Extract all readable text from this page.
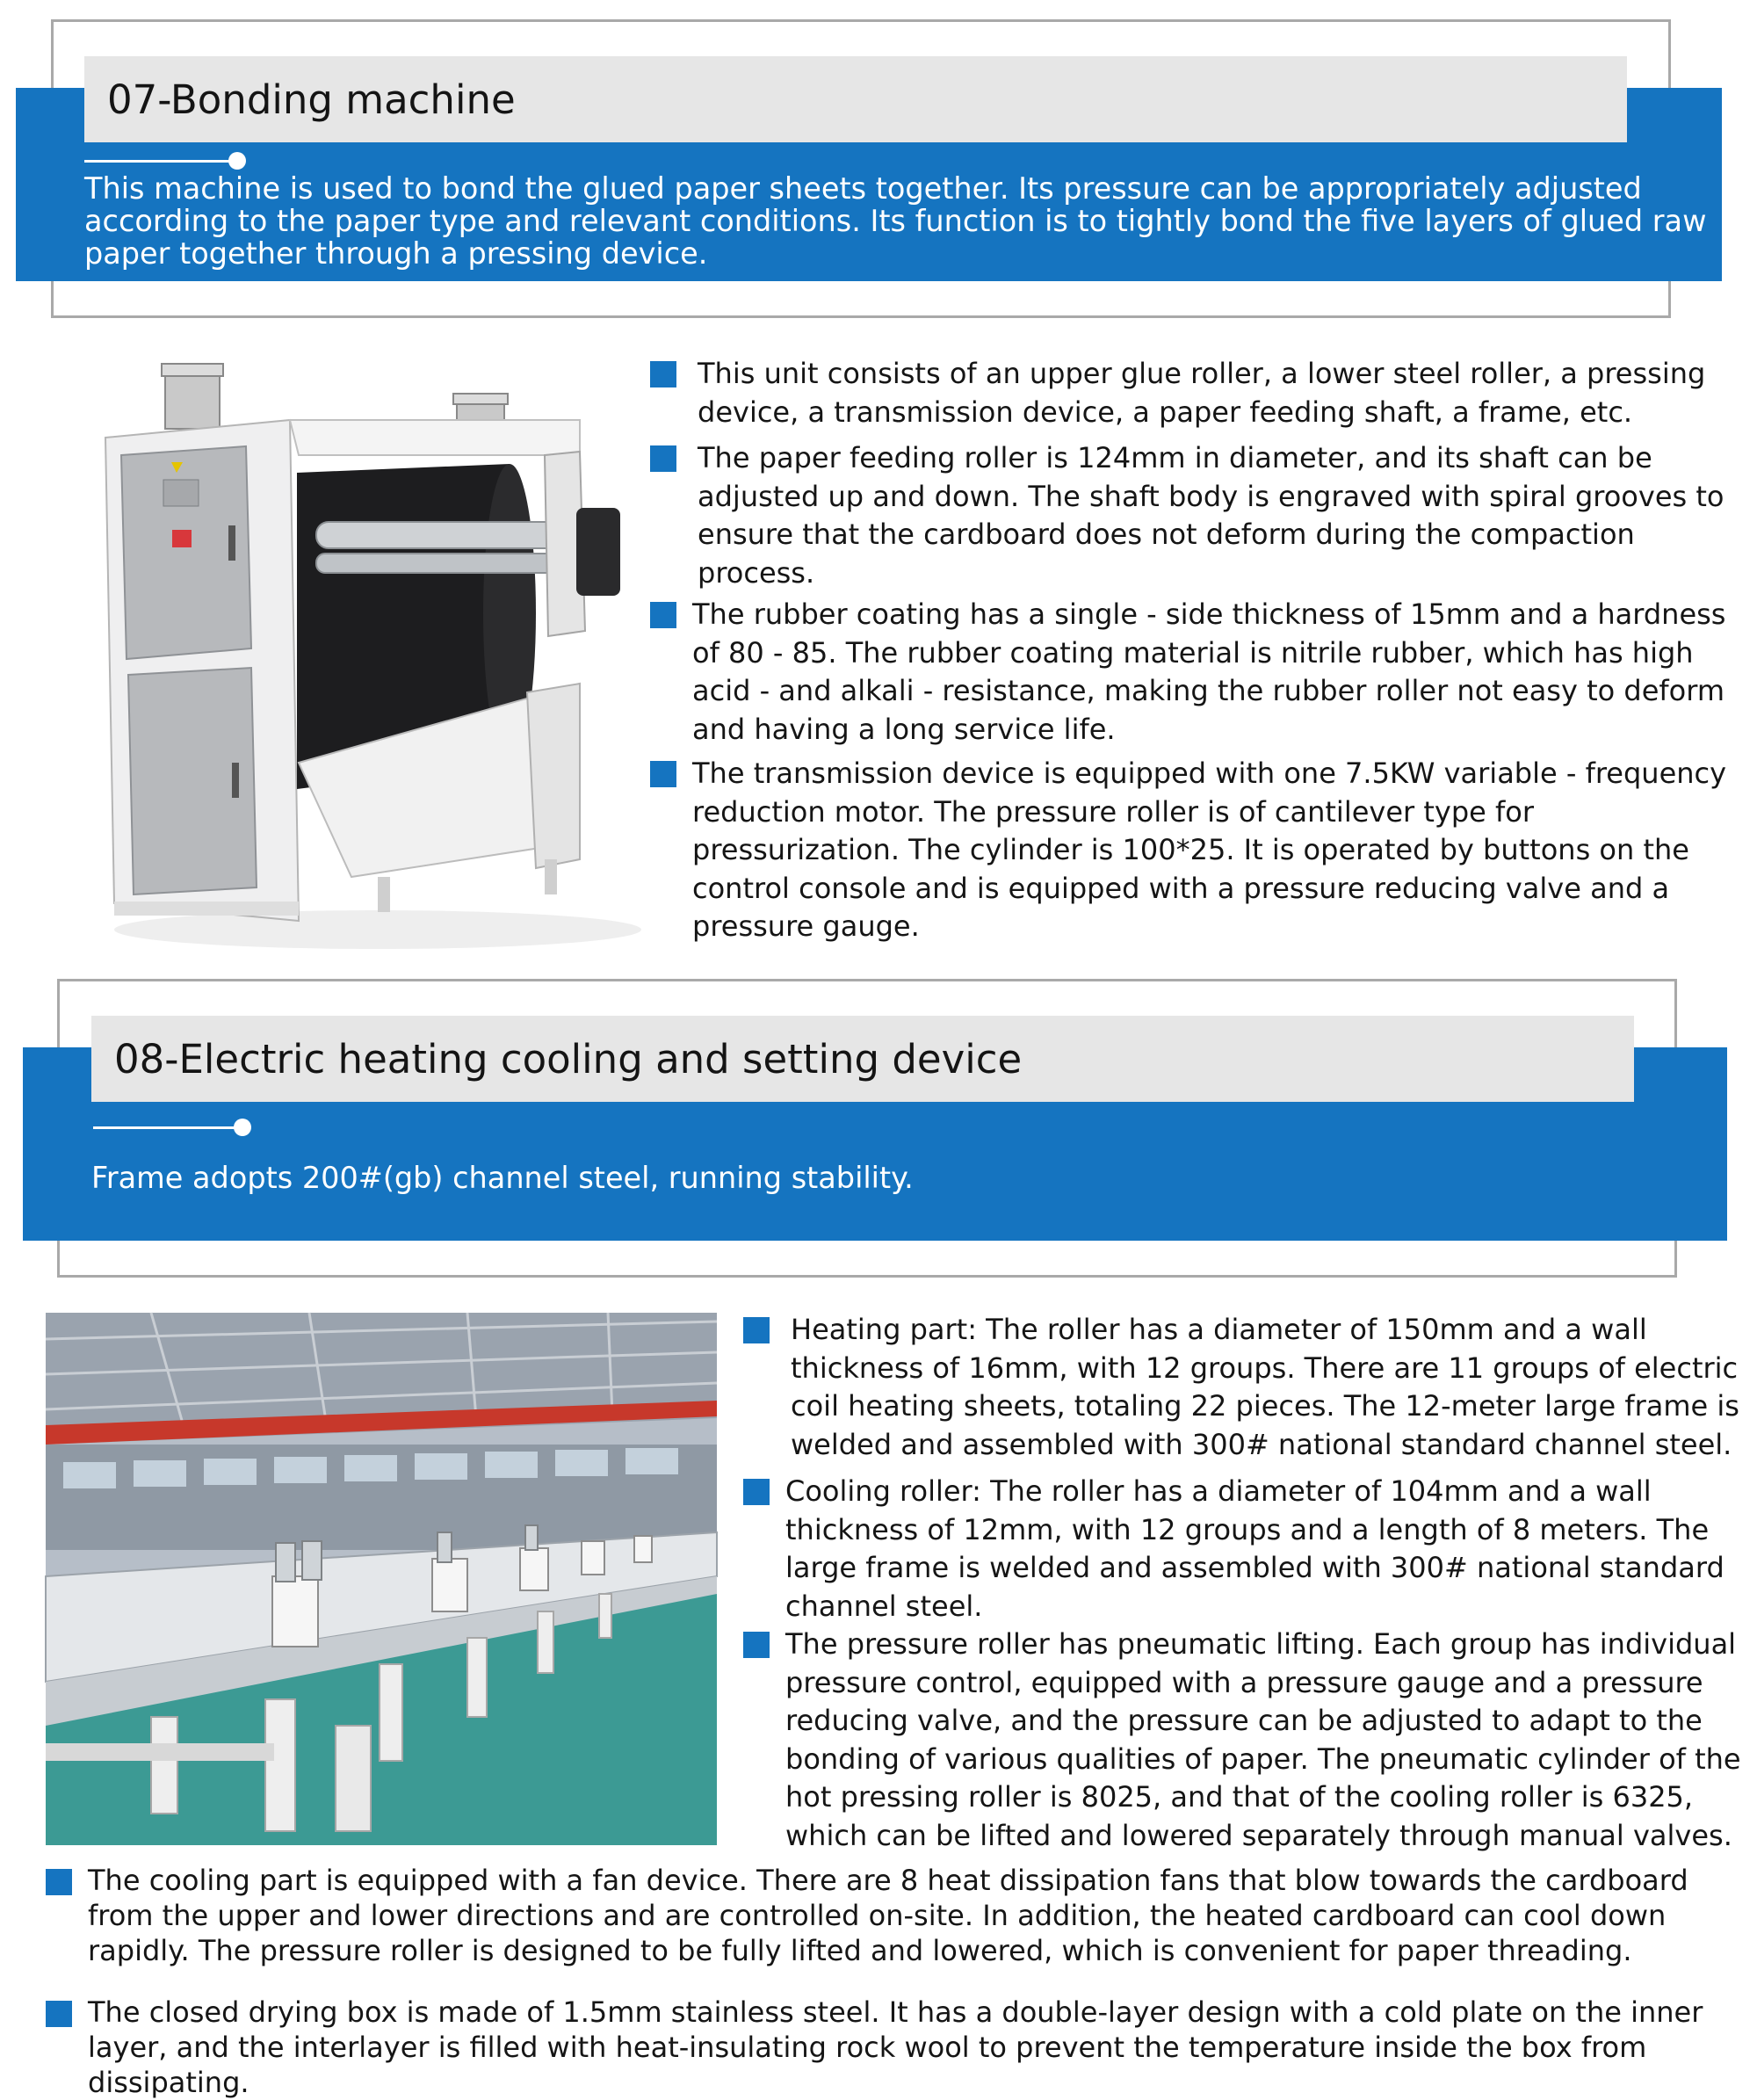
07-Bonding machine
This machine is used to bond the glued paper sheets together. Its pressure can be appropriately adjusted according to the paper type and relevant conditions. Its function is to tightly bond the five layers of glued raw paper together through a pressing device.
This unit consists of an upper glue roller, a lower steel roller, a pressing device, a transmission device, a paper feeding shaft, a frame, etc.
The paper feeding roller is 124mm in diameter, and its shaft can be adjusted up and down. The shaft body is engraved with spiral grooves to ensure that the cardboard does not deform during the compaction process.
The rubber coating has a single - side thickness of 15mm and a hardness of 80 - 85. The rubber coating material is nitrile rubber, which has high acid - and alkali - resistance, making the rubber roller not easy to deform and having a long service life.
The transmission device is equipped with one 7.5KW variable - frequency reduction motor. The pressure roller is of cantilever type for pressurization. The cylinder is 100*25. It is operated by buttons on the control console and is equipped with a pressure reducing valve and a pressure gauge.
08-Electric heating cooling and setting device
Frame adopts 200#(gb) channel steel, running stability.
Heating part: The roller has a diameter of 150mm and a wall thickness of 16mm, with 12 groups. There are 11 groups of electric coil heating sheets, totaling 22 pieces. The 12-meter large frame is welded and assembled with 300# national standard channel steel.
Cooling roller: The roller has a diameter of 104mm and a wall thickness of 12mm, with 12 groups and a length of 8 meters. The large frame is welded and assembled with 300# national standard channel steel.
The pressure roller has pneumatic lifting. Each group has individual pressure control, equipped with a pressure gauge and a pressure reducing valve, and the pressure can be adjusted to adapt to the bonding of various qualities of paper. The pneumatic cylinder of the hot pressing roller is 8025, and that of the cooling roller is 6325, which can be lifted and lowered separately through manual valves.
The cooling part is equipped with a fan device. There are 8 heat dissipation fans that blow towards the cardboard from the upper and lower directions and are controlled on-site. In addition, the heated cardboard can cool down rapidly. The pressure roller is designed to be fully lifted and lowered, which is convenient for paper threading.
The closed drying box is made of 1.5mm stainless steel. It has a double-layer design with a cold plate on the inner layer, and the interlayer is filled with heat-insulating rock wool to prevent the temperature inside the box from dissipating.
